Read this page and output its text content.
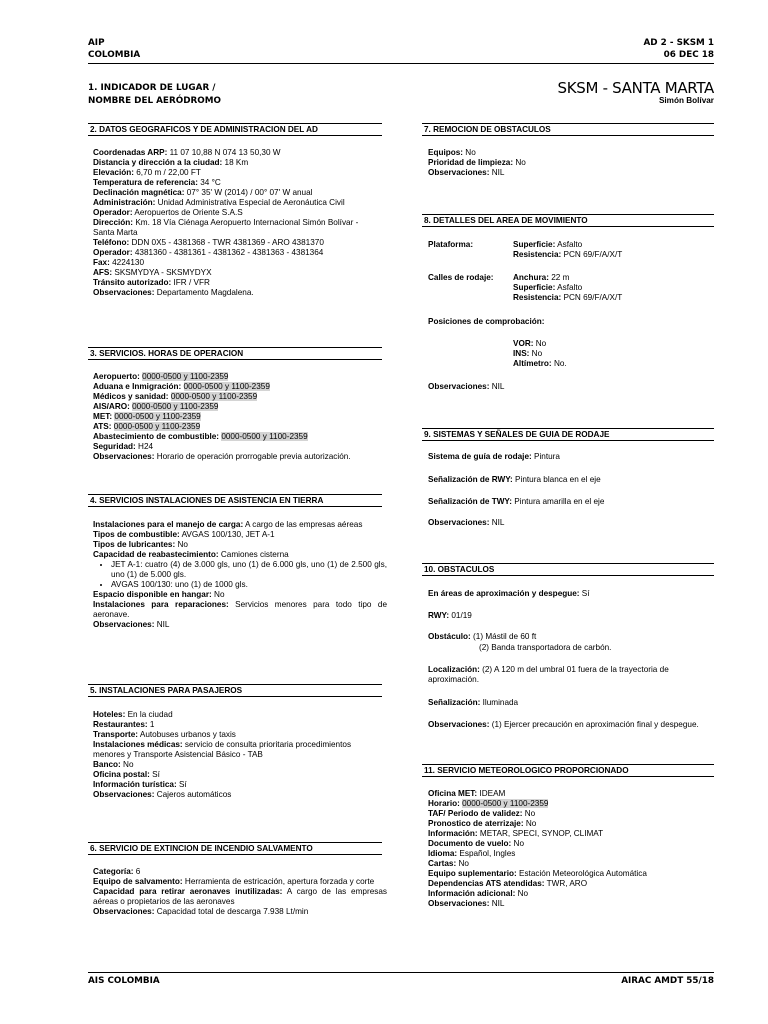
AIP
COLOMBIA
AD 2 - SKSM 1
06 DEC 18
1. INDICADOR DE LUGAR /
NOMBRE DEL AERÓDROMO
SKSM - SANTA MARTA
Simón Bolívar
2. DATOS GEOGRAFICOS Y DE ADMINISTRACION DEL AD
Coordenadas ARP: 11 07 10,88 N 074 13 50,30 W
Distancia y dirección a la ciudad: 18 Km
Elevación: 6,70 m / 22,00 FT
Temperatura de referencia: 34 °C
Declinación magnética: 07° 35' W (2014) / 00° 07' W anual
Administración: Unidad Administrativa Especial de Aeronáutica Civil
Operador: Aeropuertos de Oriente S.A.S
Dirección: Km. 18 Vía Ciénaga Aeropuerto Internacional Simón Bolívar -
Santa Marta
Teléfono: DDN 0X5 - 4381368 - TWR 4381369 - ARO 4381370
Operador: 4381360 - 4381361 - 4381362 - 4381363 - 4381364
Fax: 4224130
AFS: SKSMYDYA - SKSMYDYX
Tránsito autorizado: IFR / VFR
Observaciones: Departamento Magdalena.
3. SERVICIOS. HORAS DE OPERACION
Aeropuerto: 0000-0500 y 1100-2359
Aduana e Inmigración: 0000-0500 y 1100-2359
Médicos y sanidad: 0000-0500 y 1100-2359
AIS/ARO: 0000-0500 y 1100-2359
MET: 0000-0500 y 1100-2359
ATS: 0000-0500 y 1100-2359
Abastecimiento de combustible: 0000-0500 y 1100-2359
Seguridad: H24
Observaciones: Horario de operación prorrogable previa autorización.
4. SERVICIOS INSTALACIONES DE ASISTENCIA EN TIERRA
Instalaciones para el manejo de carga: A cargo de las empresas aéreas
Tipos de combustible: AVGAS 100/130, JET A-1
Tipos de lubricantes: No
Capacidad de reabastecimiento: Camiones cisterna
• JET A-1: cuatro (4) de 3.000 gls, uno (1) de 6.000 gls, uno (1) de 2.500 gls, uno (1) de 5.000 gls.
• AVGAS 100/130: uno (1) de 1000 gls.
Espacio disponible en hangar: No
Instalaciones para reparaciones: Servicios menores para todo tipo de aeronave.
Observaciones: NIL
5. INSTALACIONES PARA PASAJEROS
Hoteles: En la ciudad
Restaurantes: 1
Transporte: Autobuses urbanos y taxis
Instalaciones médicas: servicio de consulta prioritaria procedimientos
menores y Transporte Asistencial Básico - TAB
Banco: No
Oficina postal: Sí
Información turística: Sí
Observaciones: Cajeros automáticos
6. SERVICIO DE EXTINCION DE INCENDIO SALVAMENTO
Categoría: 6
Equipo de salvamento: Herramienta de estricación, apertura forzada y corte
Capacidad para retirar aeronaves inutilizadas: A cargo de las empresas aéreas o propietarios de las aeronaves
Observaciones: Capacidad total de descarga 7.938 Lt/min
7. REMOCION DE OBSTACULOS
Equipos: No
Prioridad de limpieza: No
Observaciones: NIL
8. DETALLES DEL AREA DE MOVIMIENTO
Plataforma:	Superficie: Asfalto
Resistencia: PCN 69/F/A/X/T
Calles de rodaje: Anchura: 22 m
Superficie: Asfalto
Resistencia: PCN 69/F/A/X/T
Posiciones de comprobación:
VOR: No
INS: No
Altímetro: No.
Observaciones: NIL
9. SISTEMAS Y SEÑALES DE GUIA DE RODAJE
Sistema de guía de rodaje: Pintura
Señalización de RWY: Pintura blanca en el eje
Señalización de TWY: Pintura amarilla en el eje
Observaciones: NIL
10. OBSTACULOS
En áreas de aproximación y despegue: Sí
RWY: 01/19
Obstáculo: (1) Mástil de 60 ft
(2) Banda transportadora de carbón.
Localización: (2) A 120 m del umbral 01 fuera de la trayectoria de aproximación.
Señalización: Iluminada
Observaciones: (1) Ejercer precaución en aproximación final y despegue.
11. SERVICIO METEOROLOGICO PROPORCIONADO
Oficina MET: IDEAM
Horario: 0000-0500 y 1100-2359
TAF/ Periodo de validez: No
Pronostico de aterrizaje: No
Información: METAR, SPECI, SYNOP, CLIMAT
Documento de vuelo: No
Idioma: Español, Ingles
Cartas: No
Equipo suplementario: Estación Meteorológica Automática
Dependencias ATS atendidas: TWR, ARO
Información adicional: No
Observaciones: NIL
AIS COLOMBIA	AIRAC AMDT 55/18
